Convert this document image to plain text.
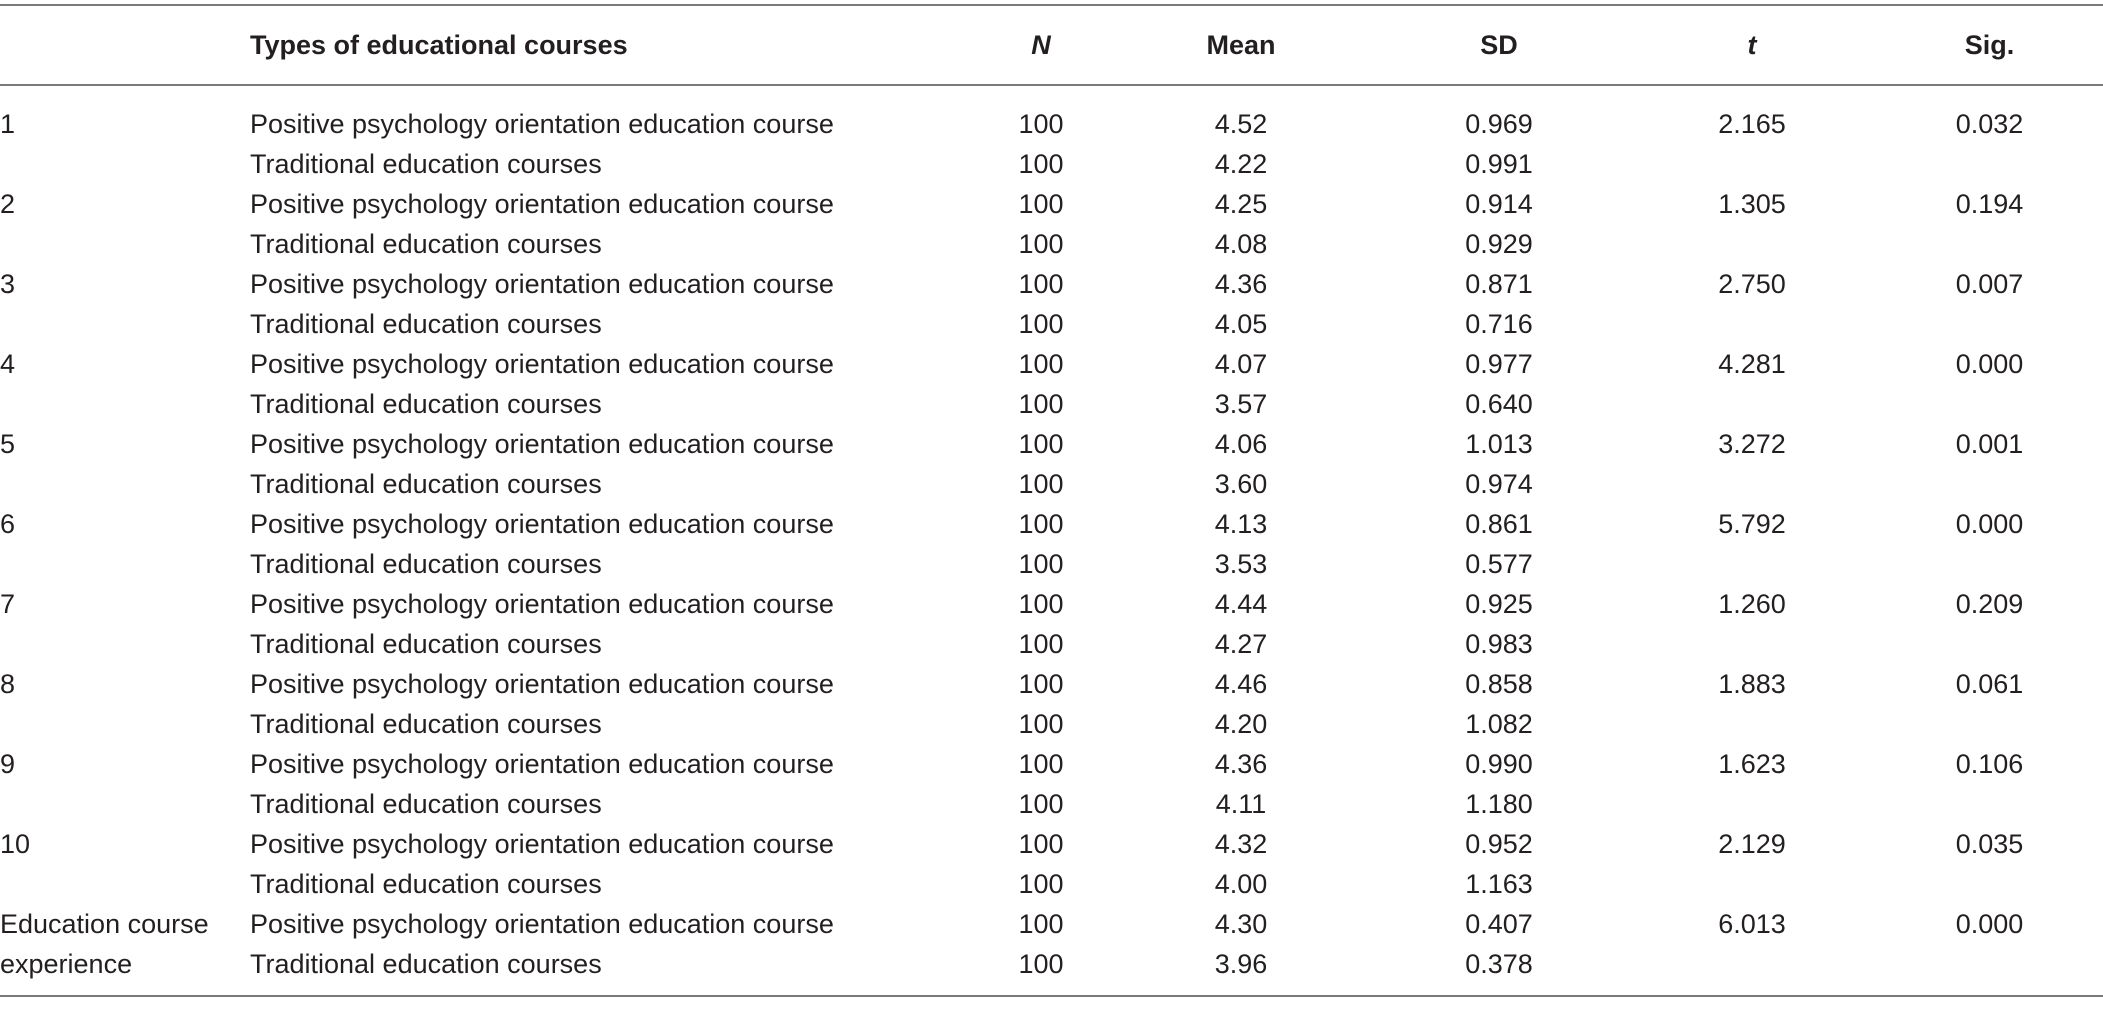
	Types of educational courses	N	Mean	SD	t	Sig.
1	Positive psychology orientation education course	100	4.52	0.969	2.165	0.032
	Traditional education courses	100	4.22	0.991		
2	Positive psychology orientation education course	100	4.25	0.914	1.305	0.194
	Traditional education courses	100	4.08	0.929		
3	Positive psychology orientation education course	100	4.36	0.871	2.750	0.007
	Traditional education courses	100	4.05	0.716		
4	Positive psychology orientation education course	100	4.07	0.977	4.281	0.000
	Traditional education courses	100	3.57	0.640		
5	Positive psychology orientation education course	100	4.06	1.013	3.272	0.001
	Traditional education courses	100	3.60	0.974		
6	Positive psychology orientation education course	100	4.13	0.861	5.792	0.000
	Traditional education courses	100	3.53	0.577		
7	Positive psychology orientation education course	100	4.44	0.925	1.260	0.209
	Traditional education courses	100	4.27	0.983		
8	Positive psychology orientation education course	100	4.46	0.858	1.883	0.061
	Traditional education courses	100	4.20	1.082		
9	Positive psychology orientation education course	100	4.36	0.990	1.623	0.106
	Traditional education courses	100	4.11	1.180		
10	Positive psychology orientation education course	100	4.32	0.952	2.129	0.035
	Traditional education courses	100	4.00	1.163		
Education course experience	Positive psychology orientation education course	100	4.30	0.407	6.013	0.000
	Traditional education courses	100	3.96	0.378		
